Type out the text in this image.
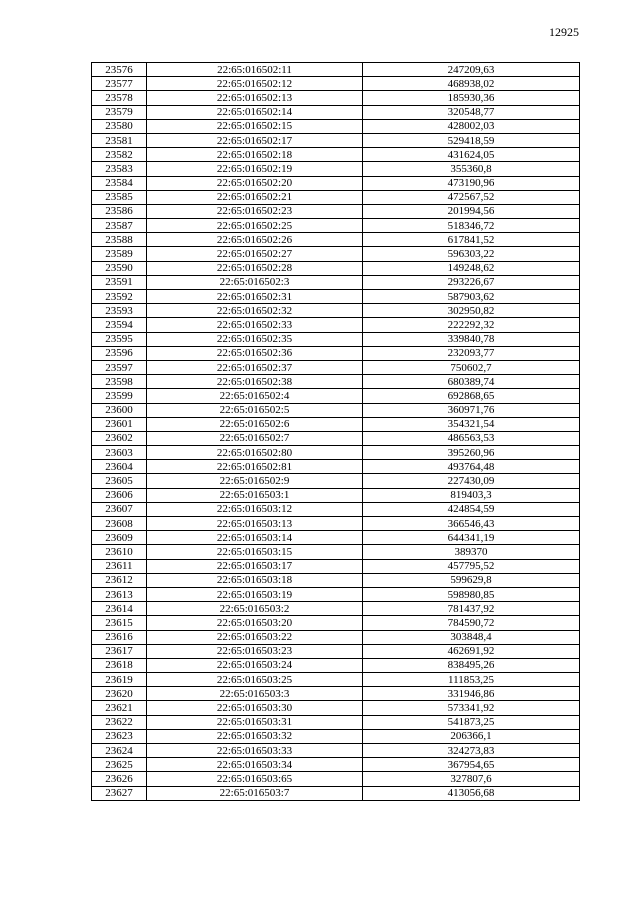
12925
23576	22:65:016502:11	247209,63
23577	22:65:016502:12	468938,02
23578	22:65:016502:13	185930,36
23579	22:65:016502:14	320548,77
23580	22:65:016502:15	428002,03
23581	22:65:016502:17	529418,59
23582	22:65:016502:18	431624,05
23583	22:65:016502:19	355360,8
23584	22:65:016502:20	473190,96
23585	22:65:016502:21	472567,52
23586	22:65:016502:23	201994,56
23587	22:65:016502:25	518346,72
23588	22:65:016502:26	617841,52
23589	22:65:016502:27	596303,22
23590	22:65:016502:28	149248,62
23591	22:65:016502:3	293226,67
23592	22:65:016502:31	587903,62
23593	22:65:016502:32	302950,82
23594	22:65:016502:33	222292,32
23595	22:65:016502:35	339840,78
23596	22:65:016502:36	232093,77
23597	22:65:016502:37	750602,7
23598	22:65:016502:38	680389,74
23599	22:65:016502:4	692868,65
23600	22:65:016502:5	360971,76
23601	22:65:016502:6	354321,54
23602	22:65:016502:7	486563,53
23603	22:65:016502:80	395260,96
23604	22:65:016502:81	493764,48
23605	22:65:016502:9	227430,09
23606	22:65:016503:1	819403,3
23607	22:65:016503:12	424854,59
23608	22:65:016503:13	366546,43
23609	22:65:016503:14	644341,19
23610	22:65:016503:15	389370
23611	22:65:016503:17	457795,52
23612	22:65:016503:18	599629,8
23613	22:65:016503:19	598980,85
23614	22:65:016503:2	781437,92
23615	22:65:016503:20	784590,72
23616	22:65:016503:22	303848,4
23617	22:65:016503:23	462691,92
23618	22:65:016503:24	838495,26
23619	22:65:016503:25	111853,25
23620	22:65:016503:3	331946,86
23621	22:65:016503:30	573341,92
23622	22:65:016503:31	541873,25
23623	22:65:016503:32	206366,1
23624	22:65:016503:33	324273,83
23625	22:65:016503:34	367954,65
23626	22:65:016503:65	327807,6
23627	22:65:016503:7	413056,68
